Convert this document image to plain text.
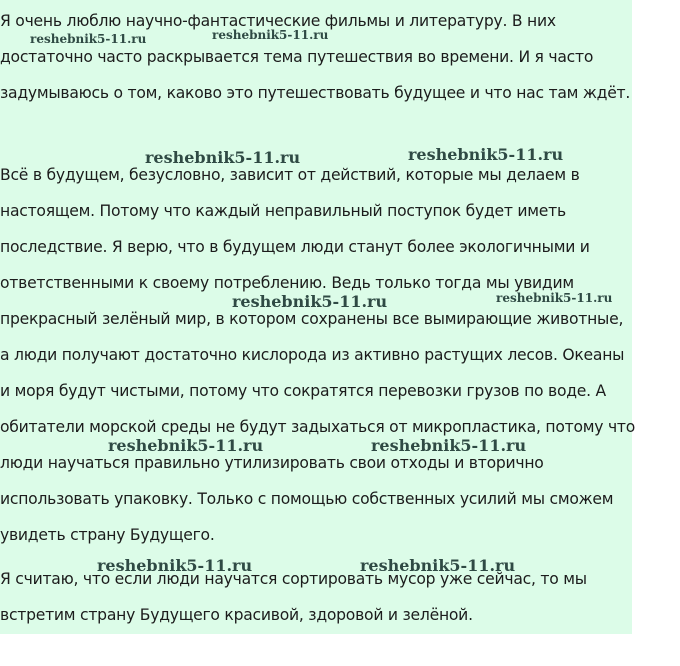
Я очень люблю научно-фантастические фильмы и литературу. В них достаточно часто раскрывается тема путешествия во времени. И я часто задумываюсь о том, каково это путешествовать будущее и что нас там ждёт.

Всё в будущем, безусловно, зависит от действий, которые мы делаем в настоящем. Потому что каждый неправильный поступок будет иметь последствие. Я верю, что в будущем люди станут более экологичными и ответственными к своему потреблению. Ведь только тогда мы увидим прекрасный зелёный мир, в котором сохранены все вымирающие животные, а люди получают достаточно кислорода из активно растущих лесов. Океаны и моря будут чистыми, потому что сократятся перевозки грузов по воде. А обитатели морской среды не будут задыхаться от микропластика, потому что люди научаться правильно утилизировать свои отходы и вторично использовать упаковку. Только с помощью собственных усилий мы сможем увидеть страну Будущего.

Я считаю, что если люди научатся сортировать мусор уже сейчас, то мы встретим страну Будущего красивой, здоровой и зелёной.

reshebnik5-11.ru	reshebnik5-11.ru
reshebnik5-11.ru	reshebnik5-11.ru
reshebnik5-11.ru	reshebnik5-11.ru
reshebnik5-11.ru	reshebnik5-11.ru
reshebnik5-11.ru	reshebnik5-11.ru
